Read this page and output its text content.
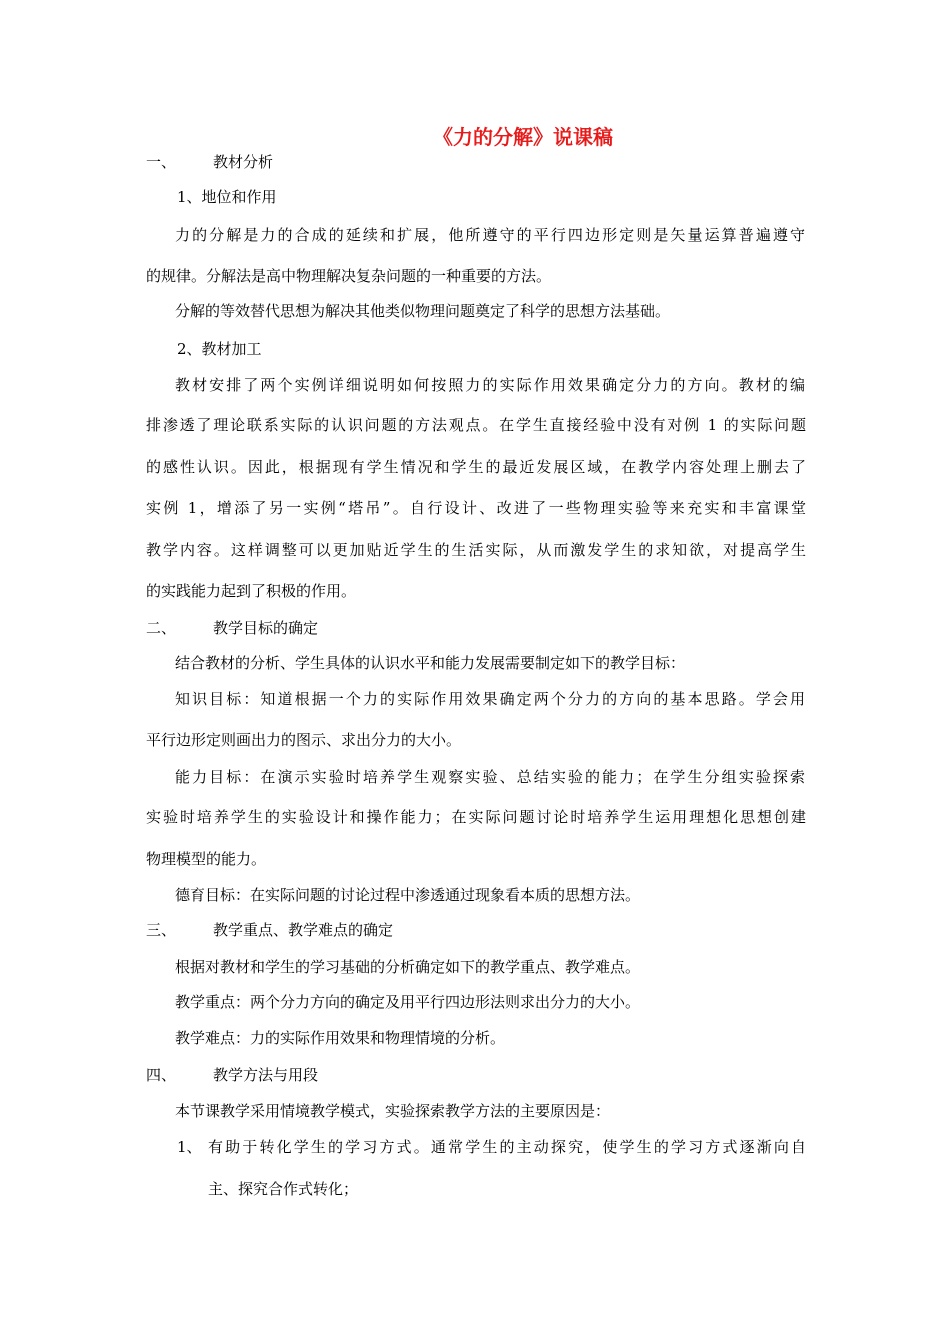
《力的分解》说课稿
一、 教材分析
1、地位和作用
力的分解是力的合成的延续和扩展，他所遵守的平行四边形定则是矢量运算普遍遵守
的规律。分解法是高中物理解决复杂问题的一种重要的方法。
分解的等效替代思想为解决其他类似物理问题奠定了科学的思想方法基础。
2、教材加工
教材安排了两个实例详细说明如何按照力的实际作用效果确定分力的方向。教材的编
排渗透了理论联系实际的认识问题的方法观点。在学生直接经验中没有对例 1 的实际问题
的感性认识。因此，根据现有学生情况和学生的最近发展区域，在教学内容处理上删去了
实例 1，增添了另一实例“塔吊”。自行设计、改进了一些物理实验等来充实和丰富课堂
教学内容。这样调整可以更加贴近学生的生活实际，从而激发学生的求知欲，对提高学生
的实践能力起到了积极的作用。
二、 教学目标的确定
结合教材的分析、学生具体的认识水平和能力发展需要制定如下的教学目标：
知识目标：知道根据一个力的实际作用效果确定两个分力的方向的基本思路。学会用
平行边形定则画出力的图示、求出分力的大小。
能力目标：在演示实验时培养学生观察实验、总结实验的能力；在学生分组实验探索
实验时培养学生的实验设计和操作能力；在实际问题讨论时培养学生运用理想化思想创建
物理模型的能力。
德育目标：在实际问题的讨论过程中渗透通过现象看本质的思想方法。
三、 教学重点、教学难点的确定
根据对教材和学生的学习基础的分析确定如下的教学重点、教学难点。
教学重点：两个分力方向的确定及用平行四边形法则求出分力的大小。
教学难点：力的实际作用效果和物理情境的分析。
四、 教学方法与用段
本节课教学采用情境教学模式，实验探索教学方法的主要原因是：
1、 有助于转化学生的学习方式。通常学生的主动探究，使学生的学习方式逐渐向自
主、探究合作式转化；
